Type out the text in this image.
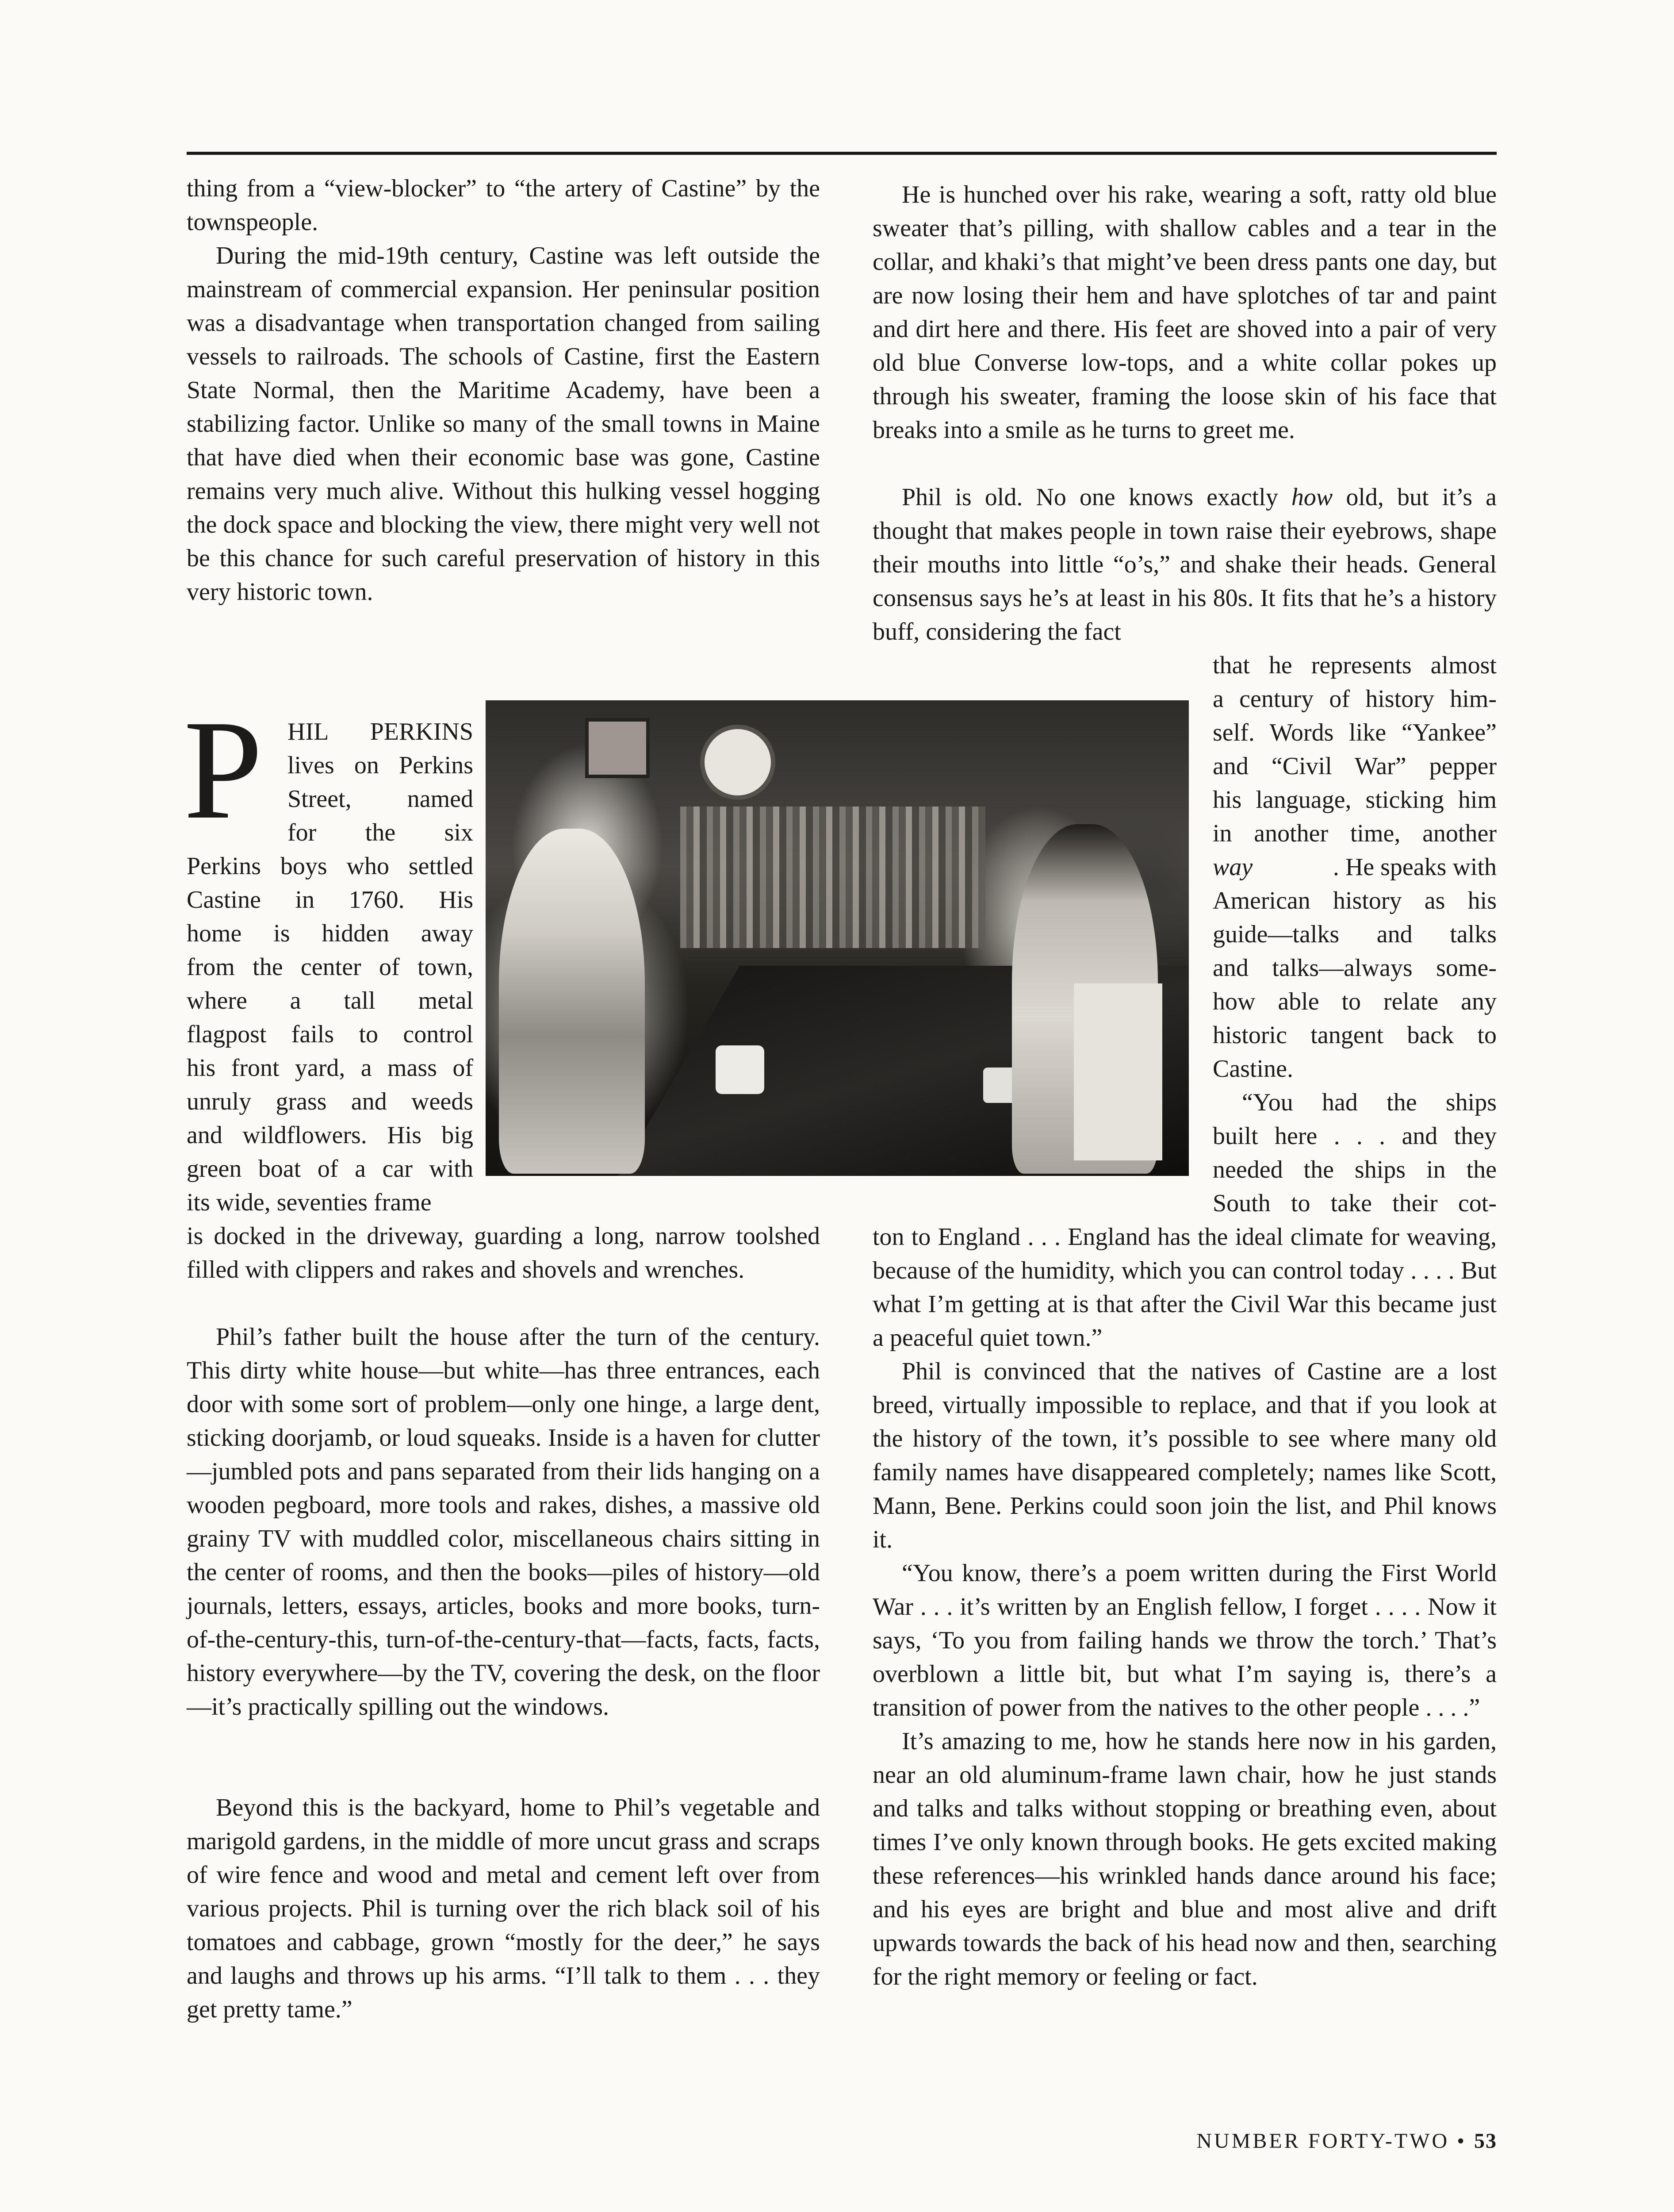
thing from a “view-blocker” to “the artery of Castine” by the townspeople.

During the mid-19th century, Castine was left outside the mainstream of commercial expansion. Her peninsular position was a disadvantage when transportation changed from sailing vessels to railroads. The schools of Castine, first the Eastern State Normal, then the Maritime Academy, have been a stabilizing factor. Unlike so many of the small towns in Maine that have died when their economic base was gone, Castine remains very much alive. Without this hulking vessel hogging the dock space and blocking the view, there might very well not be this chance for such careful preservation of history in this very historic town.

P HIL PERKINS
lives on Perkins
Street, named
for the six
Perkins boys who settled
Castine in 1760. His
home is hidden away
from the center of town,
where a tall metal
flagpost fails to control
his front yard, a mass of
unruly grass and weeds
and wildflowers. His big
green boat of a car with
its wide, seventies frame

is docked in the driveway, guarding a long, narrow toolshed filled with clippers and rakes and shovels and wrenches.

Phil’s father built the house after the turn of the century. This dirty white house—but white—has three entrances, each door with some sort of problem—only one hinge, a large dent, sticking doorjamb, or loud squeaks. Inside is a haven for clutter—jumbled pots and pans separated from their lids hanging on a wooden pegboard, more tools and rakes, dishes, a massive old grainy TV with muddled color, miscellaneous chairs sitting in the center of rooms, and then the books—piles of history—old journals, letters, essays, articles, books and more books, turn-of-the-century-this, turn-of-the-century-that—facts, facts, facts, history everywhere—by the TV, covering the desk, on the floor—it’s practically spilling out the windows.

Beyond this is the backyard, home to Phil’s vegetable and marigold gardens, in the middle of more uncut grass and scraps of wire fence and wood and metal and cement left over from various projects. Phil is turning over the rich black soil of his tomatoes and cabbage, grown “mostly for the deer,” he says and laughs and throws up his arms. “I’ll talk to them . . . they get pretty tame.”

He is hunched over his rake, wearing a soft, ratty old blue sweater that’s pilling, with shallow cables and a tear in the collar, and khaki’s that might’ve been dress pants one day, but are now losing their hem and have splotches of tar and paint and dirt here and there. His feet are shoved into a pair of very old blue Converse low-tops, and a white collar pokes up through his sweater, framing the loose skin of his face that breaks into a smile as he turns to greet me.

Phil is old. No one knows exactly how old, but it’s a thought that makes people in town raise their eyebrows, shape their mouths into little “o’s,” and shake their heads. General consensus says he’s at least in his 80s. It fits that he’s a history buff, considering the fact

that he represents almost
a century of history him-
self. Words like “Yankee”
and “Civil War” pepper
his language, sticking him
in another time, another
way	. He speaks with
American history as his
guide—talks and talks
and talks—always some-
how able to relate any
historic tangent back to
Castine.
“You had the ships
built here . . . and they
needed the ships in the
South to take their cot-

ton to England . . . England has the ideal climate for weaving, because of the humidity, which you can control today . . . . But what I’m getting at is that after the Civil War this became just a peaceful quiet town.”

Phil is convinced that the natives of Castine are a lost breed, virtually impossible to replace, and that if you look at the history of the town, it’s possible to see where many old family names have disappeared completely; names like Scott, Mann, Bene. Perkins could soon join the list, and Phil knows it.

“You know, there’s a poem written during the First World War . . . it’s written by an English fellow, I forget . . . . Now it says, ‘To you from failing hands we throw the torch.’ That’s overblown a little bit, but what I’m saying is, there’s a transition of power from the natives to the other people . . . .”

It’s amazing to me, how he stands here now in his garden, near an old aluminum-frame lawn chair, how he just stands and talks and talks without stopping or breathing even, about times I’ve only known through books. He gets excited making these references—his wrinkled hands dance around his face; and his eyes are bright and blue and most alive and drift upwards towards the back of his head now and then, searching for the right memory or feeling or fact.

NUMBER FORTY-TWO • 53
